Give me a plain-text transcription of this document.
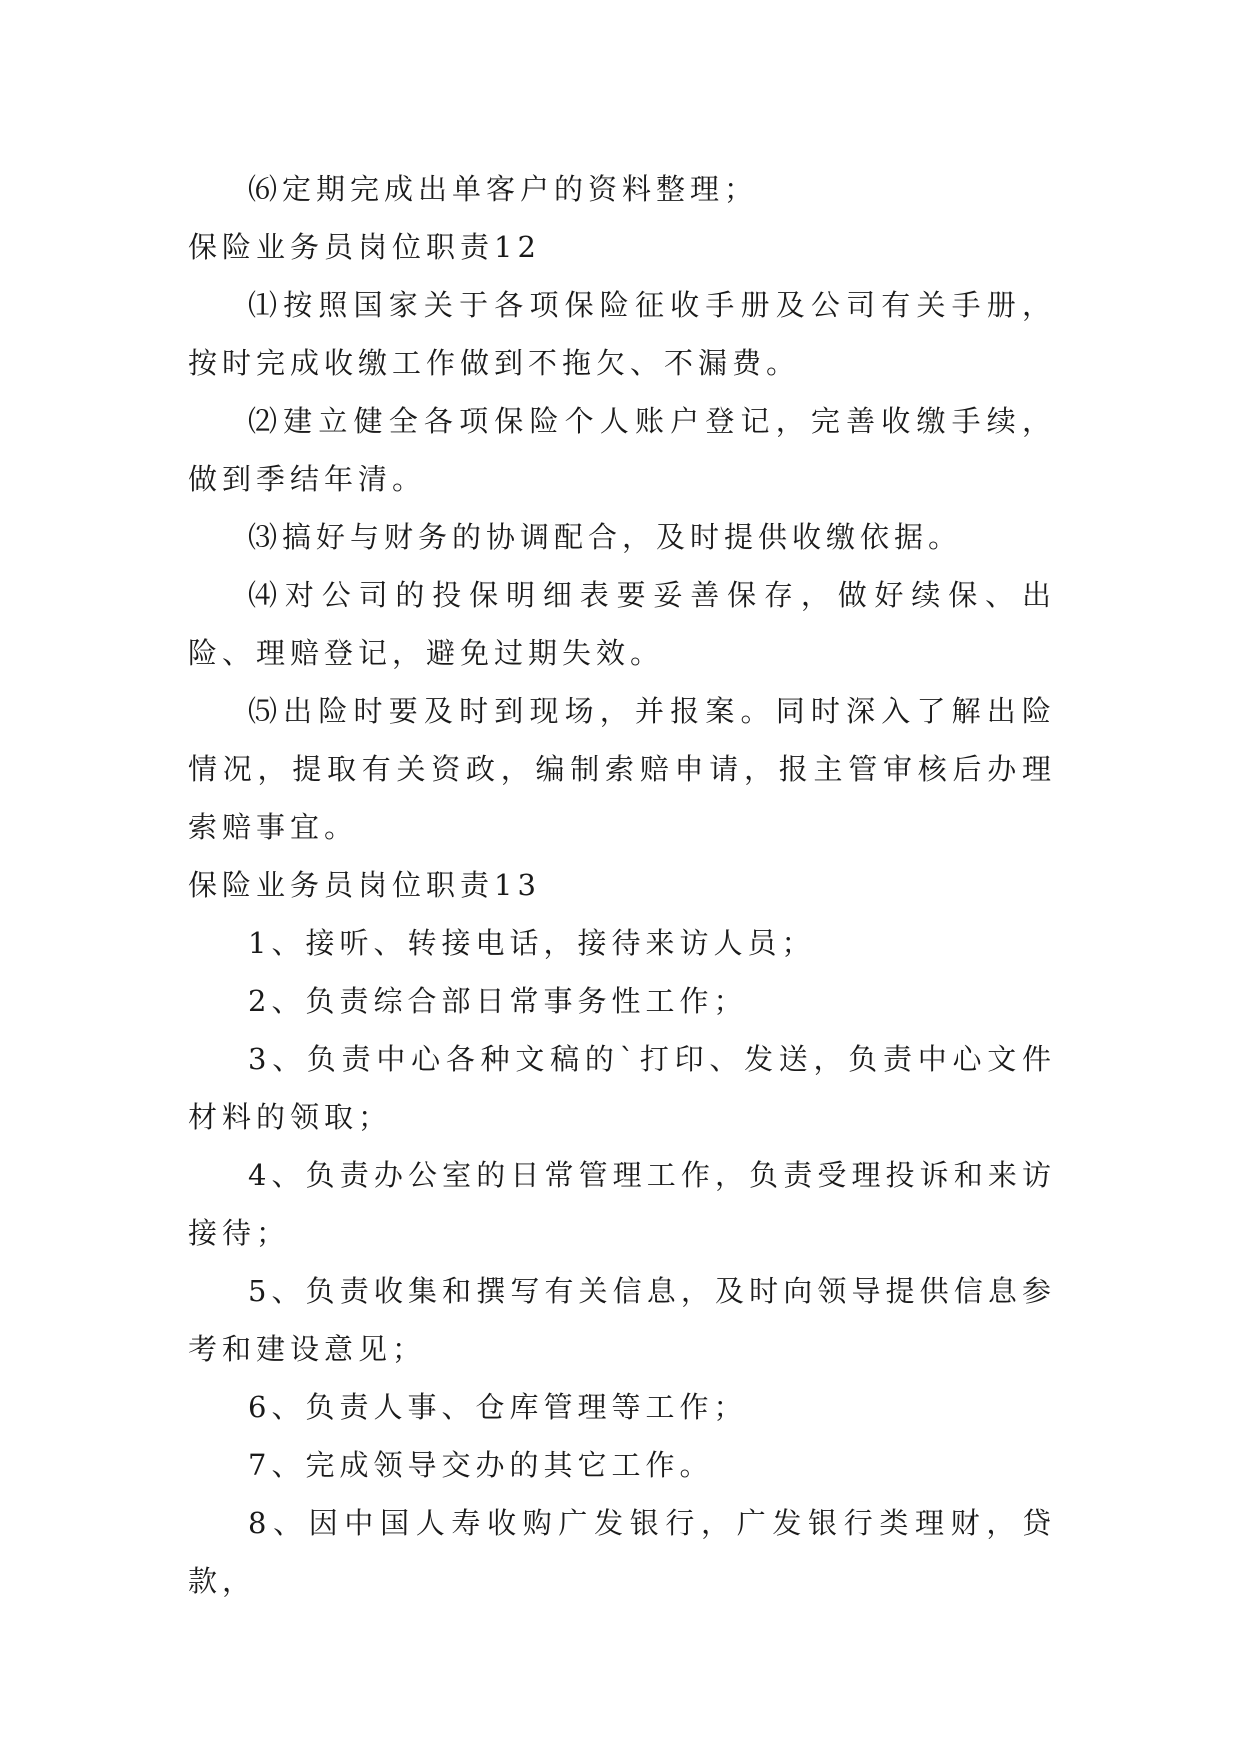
⑹定期完成出单客户的资料整理；

保险业务员岗位职责12

⑴按照国家关于各项保险征收手册及公司有关手册，按时完成收缴工作做到不拖欠、不漏费。

⑵建立健全各项保险个人账户登记，完善收缴手续，做到季结年清。

⑶搞好与财务的协调配合，及时提供收缴依据。

⑷对公司的投保明细表要妥善保存，做好续保、出险、理赔登记，避免过期失效。

⑸出险时要及时到现场，并报案。同时深入了解出险情况，提取有关资政，编制索赔申请，报主管审核后办理索赔事宜。

保险业务员岗位职责13

1、接听、转接电话，接待来访人员；

2、负责综合部日常事务性工作；

3、负责中心各种文稿的`打印、发送，负责中心文件材料的领取；

4、负责办公室的日常管理工作，负责受理投诉和来访接待；

5、负责收集和撰写有关信息，及时向领导提供信息参考和建设意见；

6、负责人事、仓库管理等工作；

7、完成领导交办的其它工作。

8、因中国人寿收购广发银行，广发银行类理财，贷款，
